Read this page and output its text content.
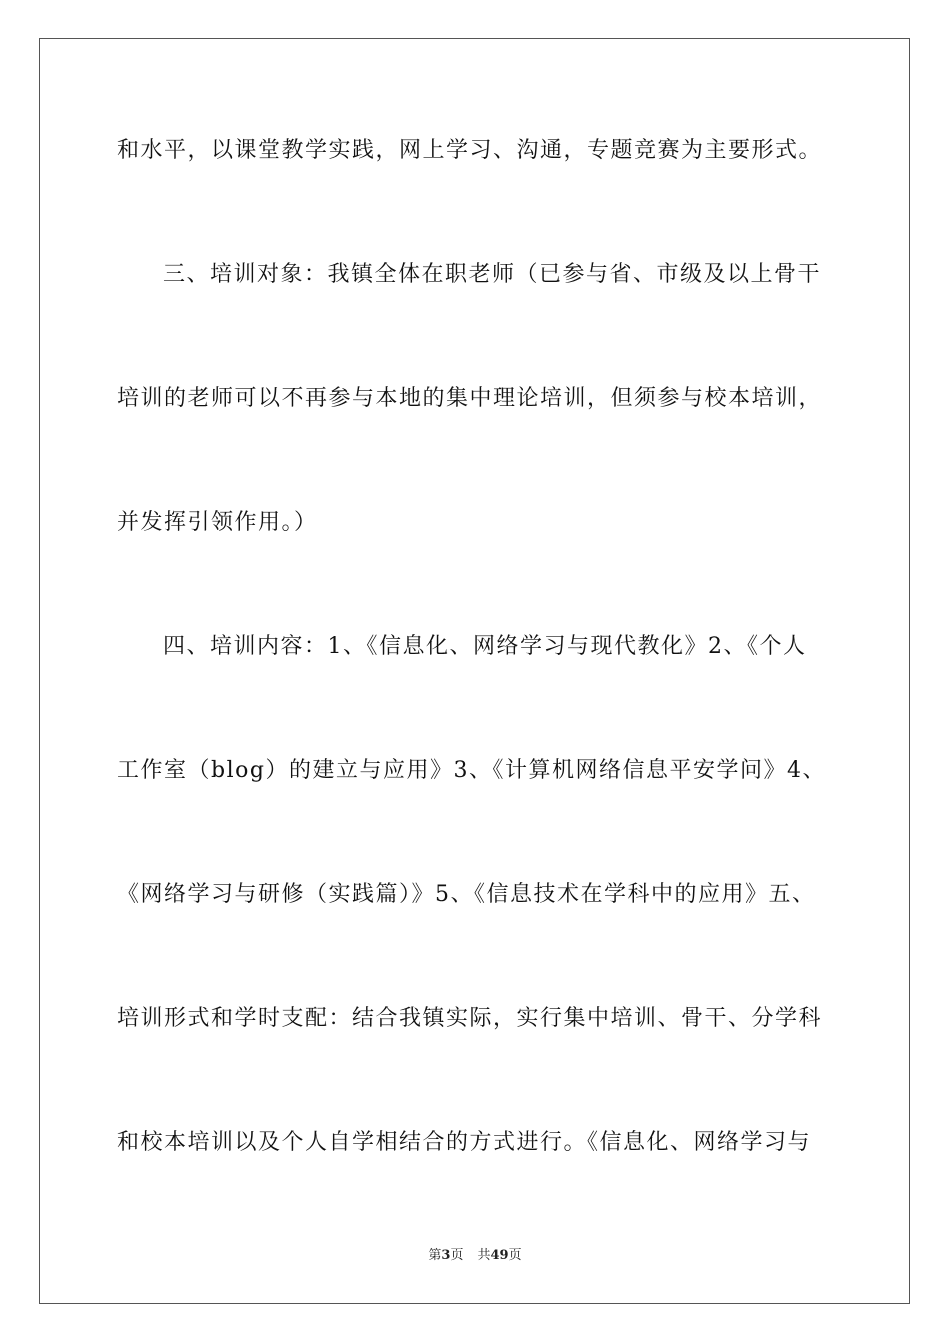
和水平，以课堂教学实践，网上学习、沟通，专题竞赛为主要形式。
三、培训对象：我镇全体在职老师（已参与省、市级及以上骨干
培训的老师可以不再参与本地的集中理论培训，但须参与校本培训，
并发挥引领作用。）
四、培训内容：1、《信息化、网络学习与现代教化》2、《个人
工作室（blog）的建立与应用》3、《计算机网络信息平安学问》4、
《网络学习与研修（实践篇）》5、《信息技术在学科中的应用》五、
培训形式和学时支配：结合我镇实际，实行集中培训、骨干、分学科
和校本培训以及个人自学相结合的方式进行。《信息化、网络学习与
第3页 共49页
